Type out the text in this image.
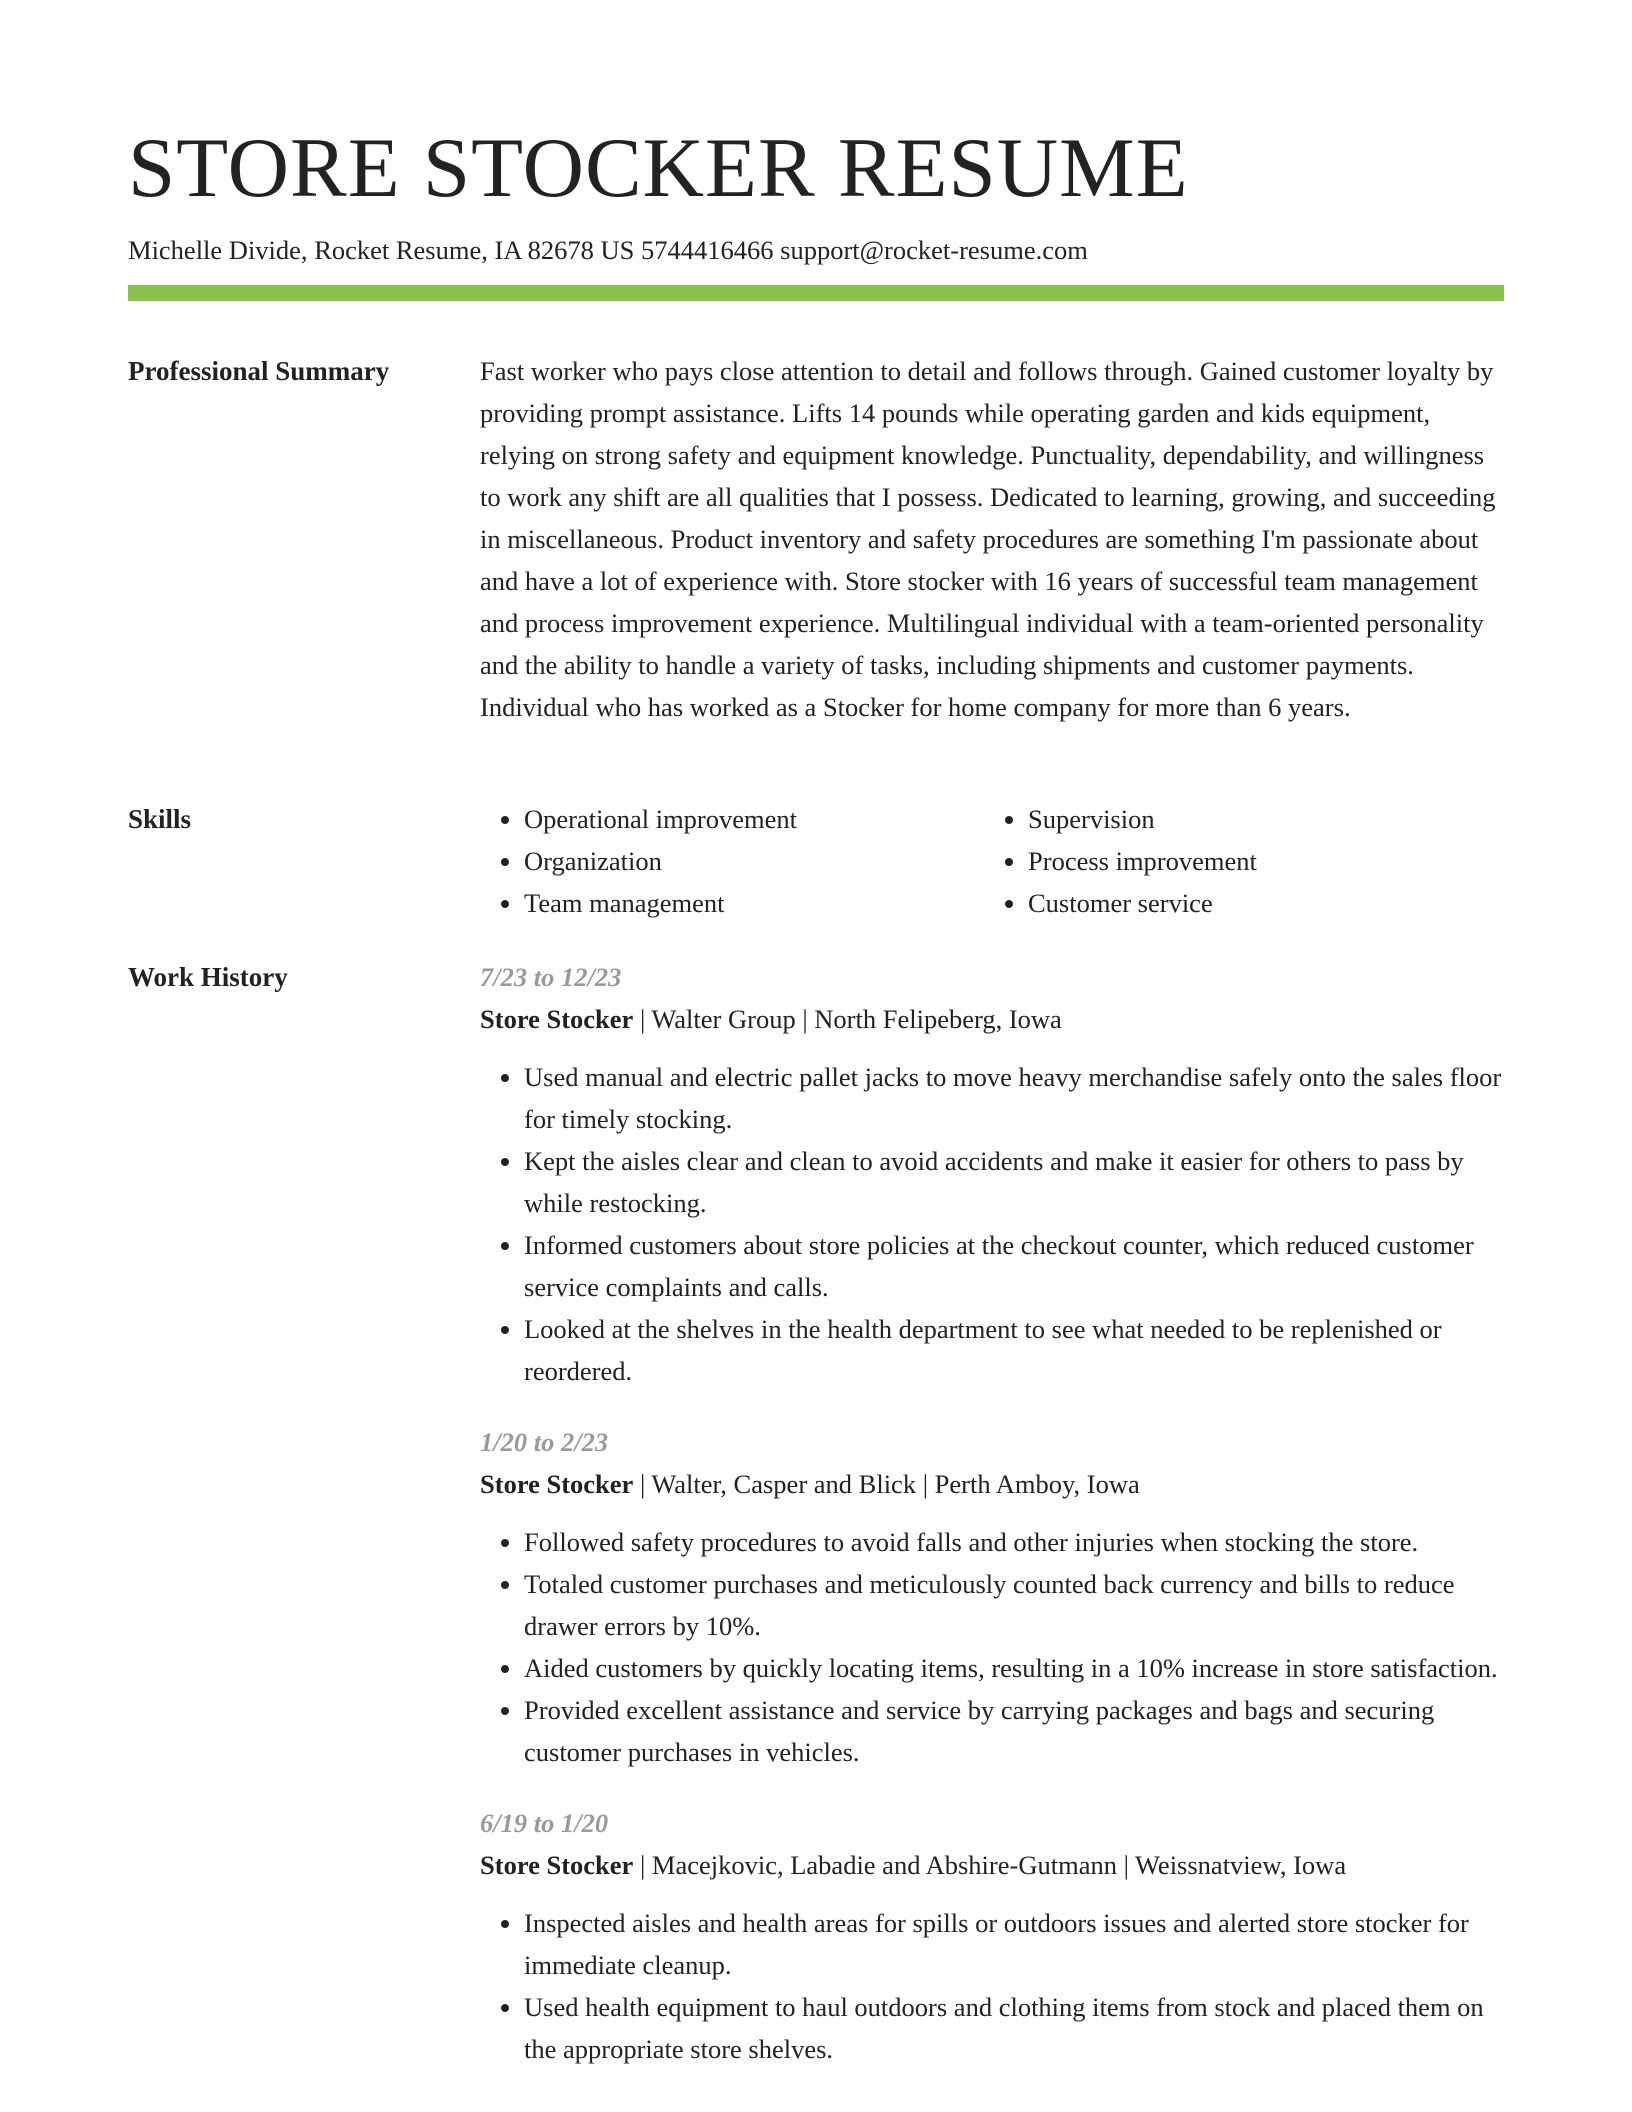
STORE STOCKER RESUME
Michelle Divide, Rocket Resume, IA 82678 US 5744416466 support@rocket-resume.com
Professional Summary	Fast worker who pays close attention to detail and follows through. Gained customer loyalty by providing prompt assistance. Lifts 14 pounds while operating garden and kids equipment, relying on strong safety and equipment knowledge. Punctuality, dependability, and willingness to work any shift are all qualities that I possess. Dedicated to learning, growing, and succeeding in miscellaneous. Product inventory and safety procedures are something I'm passionate about and have a lot of experience with. Store stocker with 16 years of successful team management and process improvement experience. Multilingual individual with a team-oriented personality and the ability to handle a variety of tasks, including shipments and customer payments. Individual who has worked as a Stocker for home company for more than 6 years.

Skills
•	Operational improvement
• Organization
• Team management
• Supervision
• Process improvement
• Customer service
Work History	7/23 to 12/23
Store Stocker | Walter Group | North Felipeberg, Iowa
• Used manual and electric pallet jacks to move heavy merchandise safely onto the sales floor for timely stocking.
• Kept the aisles clear and clean to avoid accidents and make it easier for others to pass by while restocking.
• Informed customers about store policies at the checkout counter, which reduced customer service complaints and calls.
• Looked at the shelves in the health department to see what needed to be replenished or reordered.
1/20 to 2/23
Store Stocker | Walter, Casper and Blick | Perth Amboy, Iowa
• Followed safety procedures to avoid falls and other injuries when stocking the store.
• Totaled customer purchases and meticulously counted back currency and bills to reduce drawer errors by 10%.
• Aided customers by quickly locating items, resulting in a 10% increase in store satisfaction.
• Provided excellent assistance and service by carrying packages and bags and securing customer purchases in vehicles.
6/19 to 1/20
Store Stocker | Macejkovic, Labadie and Abshire-Gutmann | Weissnatview, Iowa
• Inspected aisles and health areas for spills or outdoors issues and alerted store stocker for immediate cleanup.
• Used health equipment to haul outdoors and clothing items from stock and placed them on the appropriate store shelves.
